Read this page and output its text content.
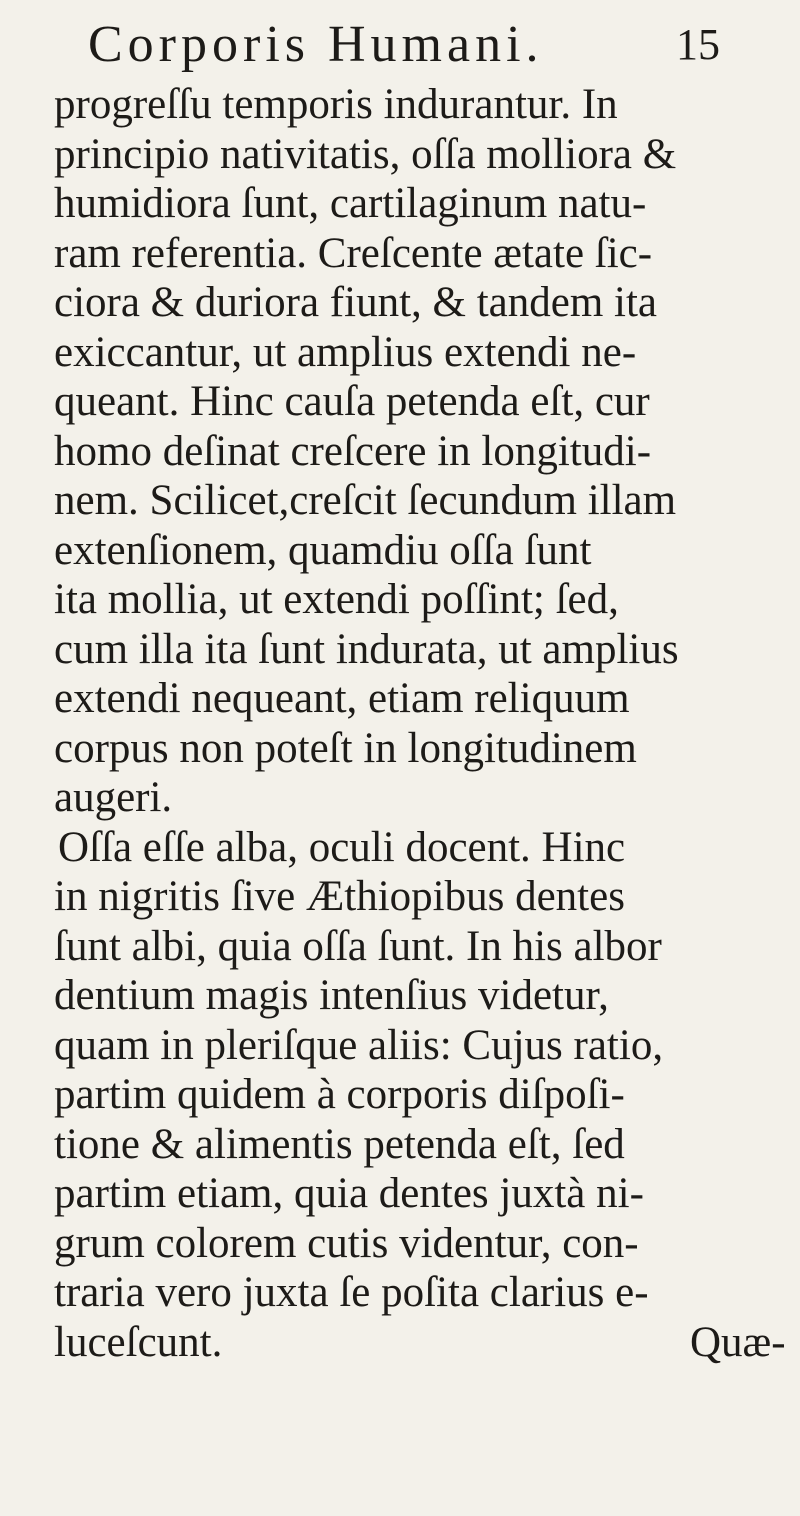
Corporis Humani.	15
progreſſu temporis indurantur. In
principio nativitatis, oſſa molliora &
humidiora ſunt, cartilaginum natu-
ram referentia. Creſcente ætate ſic-
ciora & duriora fiunt, & tandem ita
exiccantur, ut amplius extendi ne-
queant. Hinc cauſa petenda eſt, cur
homo deſinat creſcere in longitudi-
nem. Scilicet,creſcit ſecundum illam
extenſionem, quamdiu oſſa ſunt
ita mollia, ut extendi poſſint; ſed,
cum illa ita ſunt indurata, ut amplius
extendi nequeant, etiam reliquum
corpus non poteſt in longitudinem
augeri.
Oſſa eſſe alba, oculi docent. Hinc
in nigritis ſive Æthiopibus dentes
ſunt albi, quia oſſa ſunt. In his albor
dentium magis intenſius videtur,
quam in pleriſque aliis: Cujus ratio,
partim quidem à corporis diſpoſi-
tione & alimentis petenda eſt, ſed
partim etiam, quia dentes juxtà ni-
grum colorem cutis videntur, con-
traria vero juxta ſe poſita clarius e-
luceſcunt.	Quæ-
